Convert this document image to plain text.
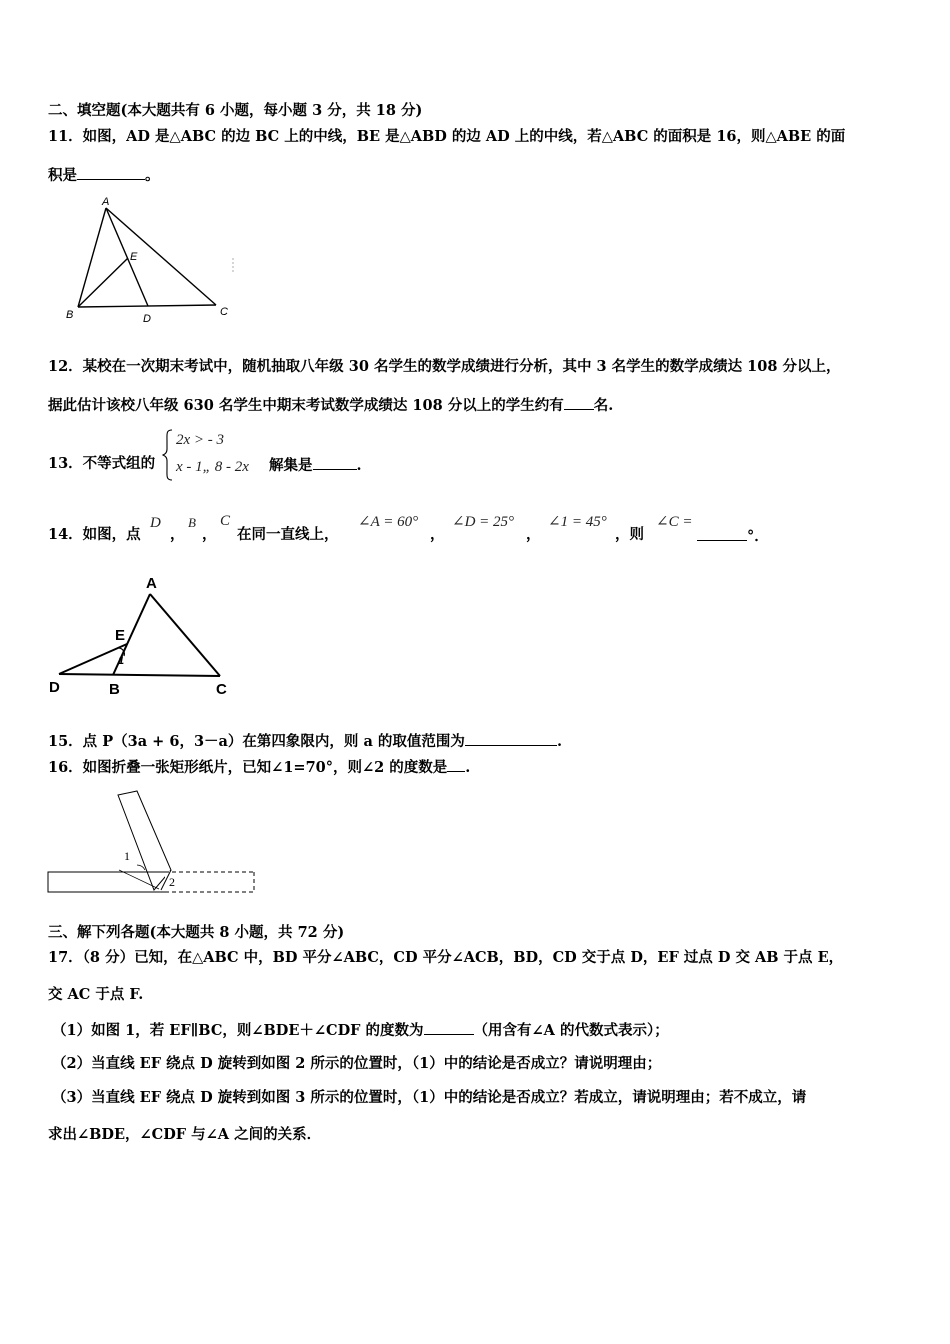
二、填空题(本大题共有 6 小题，每小题 3 分，共 18 分)
11．如图，AD 是△ABC 的边 BC 上的中线，BE 是△ABD 的边 AD 上的中线，若△ABC 的面积是 16，则△ABE 的面
积是	。
A
B	C
D
E
12．某校在一次期末考试中，随机抽取八年级 30 名学生的数学成绩进行分析，其中 3 名学生的数学成绩达 108 分以上，
据此估计该校八年级 630 名学生中期末考试数学成绩达 108 分以上的学生约有 名.
13．不等式组的
2x > - 3
x - 1„ 8 - 2x 解集是	.
14．如图，点
D
，
B
，
C
在同一直线上，
∠A = 60°
，
∠D = 25°
，
∠1 = 45°
，则
∠C =
°．
A
E
1
D	B	C
15．点 P（3a + 6，3－a）在第四象限内，则 a 的取值范围为	.
16．如图折叠一张矩形纸片，已知∠1=70°，则∠2 的度数是 .
1
2
三、解下列各题(本大题共 8 小题，共 72 分)
17．（8 分）已知，在△ABC 中，BD 平分∠ABC，CD 平分∠ACB，BD，CD 交于点 D，EF 过点 D 交 AB 于点 E，
交 AC 于点 F.
（1）如图 1，若 EF∥BC，则∠BDE＋∠CDF 的度数为	（用含有∠A 的代数式表示）；
（2）当直线 EF 绕点 D 旋转到如图 2 所示的位置时，（1）中的结论是否成立？请说明理由；
（3）当直线 EF 绕点 D 旋转到如图 3 所示的位置时，（1）中的结论是否成立？若成立，请说明理由；若不成立，请
求出∠BDE，∠CDF 与∠A 之间的关系．
